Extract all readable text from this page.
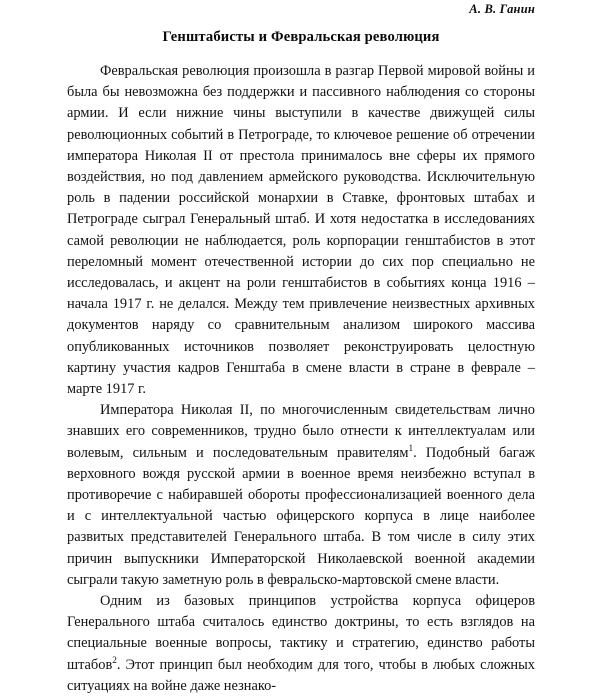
А. В. Ганин
Генштабисты и Февральская революция

Февральская революция произошла в разгар Первой мировой войны и была бы невозможна без поддержки и пассивного наблюдения со стороны армии. И если нижние чины выступили в качестве движущей силы революционных событий в Петрограде, то ключевое решение об отречении императора Николая II от престола принималось вне сферы их прямого воздействия, но под давлением армейского руководства. Исключительную роль в падении российской монархии в Ставке, фронтовых штабах и Петрограде сыграл Генеральный штаб. И хотя недостатка в исследованиях самой революции не наблюдается, роль корпорации генштабистов в этот переломный момент отечественной истории до сих пор специально не исследовалась, и акцент на роли генштабистов в событиях конца 1916 – начала 1917 г. не делался. Между тем привлечение неизвестных архивных документов наряду со сравнительным анализом широкого массива опубликованных источников позволяет реконструировать целостную картину участия кадров Генштаба в смене власти в стране в феврале – марте 1917 г.

Императора Николая II, по многочисленным свидетельствам лично знавших его современников, трудно было отнести к интеллектуалам или волевым, сильным и последовательным правителям$^1$. Подобный багаж верховного вождя русской армии в военное время неизбежно вступал в противоречие с набиравшей обороты профессионализацией военного дела и с интеллектуальной частью офицерского корпуса в лице наиболее развитых представителей Генерального штаба. В том числе в силу этих причин выпускники Императорской Николаевской военной академии сыграли такую заметную роль в февральско-мартовской смене власти.

Одним из базовых принципов устройства корпуса офицеров Генерального штаба считалось единство доктрины, то есть взглядов на специальные военные вопросы, тактику и стратегию, единство работы штабов$^2$. Этот принцип был необходим для того, чтобы в любых сложных ситуациях на войне даже незнако-
